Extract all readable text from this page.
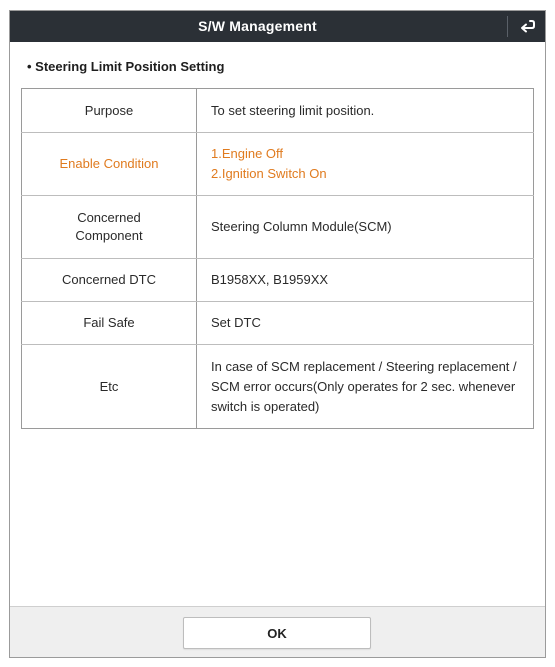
S/W Management
• Steering Limit Position Setting
Purpose	To set steering limit position.

Enable Condition	1.Engine Off
2.Ignition Switch On

Concerned
Component	Steering Column Module(SCM)

Concerned DTC	B1958XX, B1959XX

Fail Safe	Set DTC

Etc	In case of SCM replacement / Steering replacement /
SCM error occurs(Only operates for 2 sec. whenever
switch is operated)
OK
